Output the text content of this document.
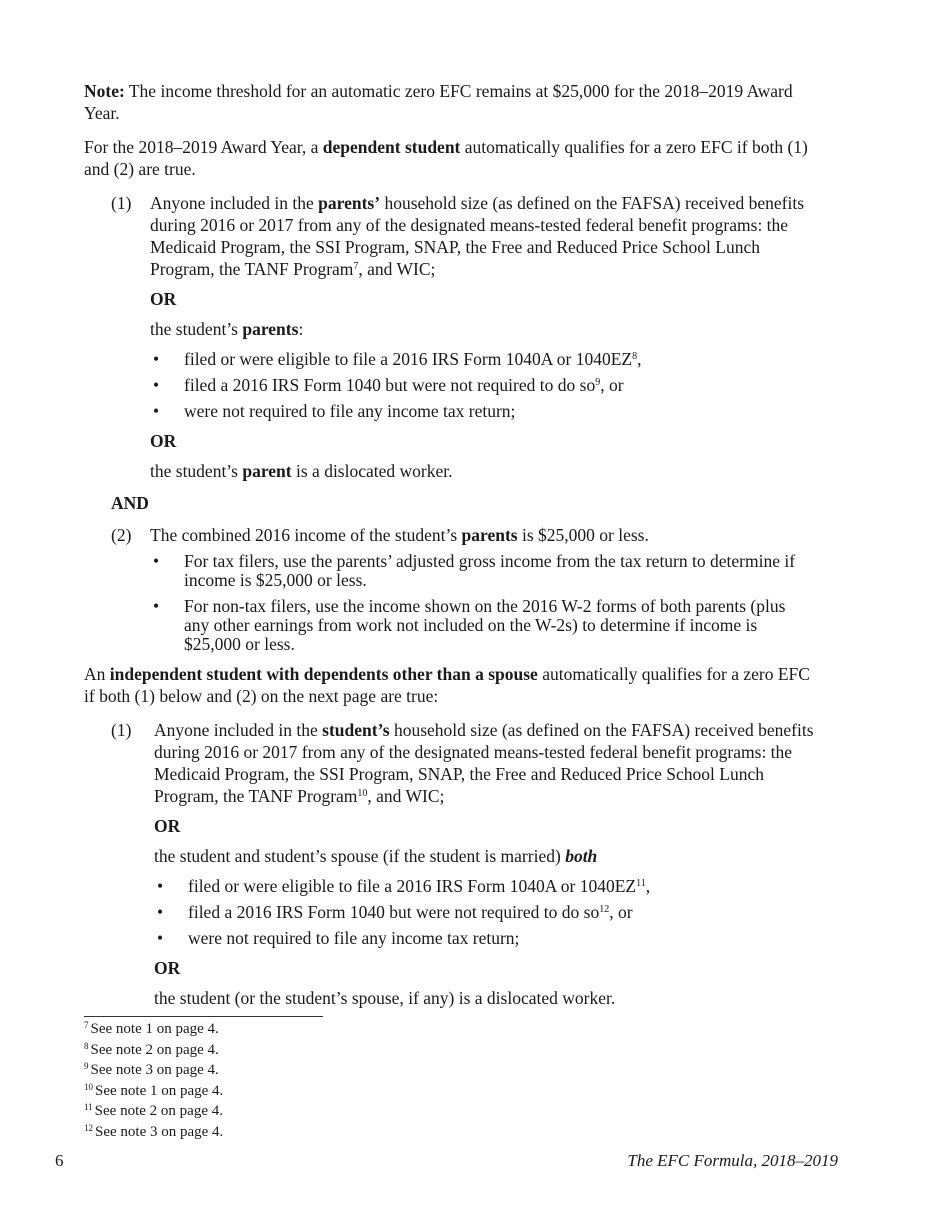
Note: The income threshold for an automatic zero EFC remains at $25,000 for the 2018–2019 Award Year.

For the 2018–2019 Award Year, a dependent student automatically qualifies for a zero EFC if both (1) and (2) are true.

(1)	Anyone included in the parents’ household size (as defined on the FAFSA) received benefits during 2016 or 2017 from any of the designated means-tested federal benefit programs: the Medicaid Program, the SSI Program, SNAP, the Free and Reduced Price School Lunch Program, the TANF Program$^7$, and WIC;

OR

the student’s parents:

•	filed or were eligible to file a 2016 IRS Form 1040A or $1040EZ^8$,
•	filed a 2016 IRS Form 1040 but were not required to do $so^9$, or
•	were not required to file any income tax return;

OR

the student’s parent is a dislocated worker.

AND

(2)	The combined 2016 income of the student’s parents is $25,000 or less.

•	For tax filers, use the parents’ adjusted gross income from the tax return to determine if income is $25,000 or less.
•	For non-tax filers, use the income shown on the 2016 W-2 forms of both parents (plus any other earnings from work not included on the W-2s) to determine if income is $25,000 or less.

An independent student with dependents other than a spouse automatically qualifies for a zero EFC if both (1) below and (2) on the next page are true:

(1)	Anyone included in the student’s household size (as defined on the FAFSA) received benefits during 2016 or 2017 from any of the designated means-tested federal benefit programs: the Medicaid Program, the SSI Program, SNAP, the Free and Reduced Price School Lunch Program, the TANF Program$^{10}$, and WIC;

OR

the student and student’s spouse (if the student is married) both

•	filed or were eligible to file a 2016 IRS Form 1040A or 1040EZ$^{11}$,
•	filed a 2016 IRS Form 1040 but were not required to do $so^{12}$, or
•	were not required to file any income tax return;

OR

the student (or the student’s spouse, if any) is a dislocated worker.

$^7$ See note 1 on page 4.
$^8$ See note 2 on page 4.
$^9$ See note 3 on page 4.
$^{10}$ See note 1 on page 4.
$^{11}$ See note 2 on page 4.
$^{12}$ See note 3 on page 4.
6	The EFC Formula, 2018–2019
